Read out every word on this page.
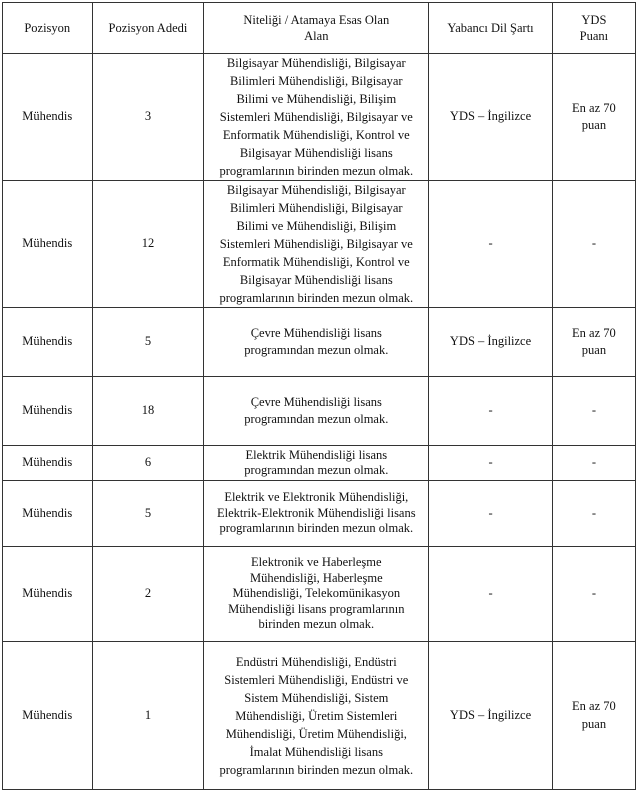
Pozisyon	Pozisyon Adedi	Niteliği / Atamaya Esas Olan Alan	Yabancı Dil Şartı	YDS Puanı
Mühendis	3	Bilgisayar Mühendisliği, Bilgisayar Bilimleri Mühendisliği, Bilgisayar Bilimi ve Mühendisliği, Bilişim Sistemleri Mühendisliği, Bilgisayar ve Enformatik Mühendisliği, Kontrol ve Bilgisayar Mühendisliği lisans programlarının birinden mezun olmak.	YDS – İngilizce	En az 70 puan
Mühendis	12	Bilgisayar Mühendisliği, Bilgisayar Bilimleri Mühendisliği, Bilgisayar Bilimi ve Mühendisliği, Bilişim Sistemleri Mühendisliği, Bilgisayar ve Enformatik Mühendisliği, Kontrol ve Bilgisayar Mühendisliği lisans programlarının birinden mezun olmak.	-	-
Mühendis	5	Çevre Mühendisliği lisans programından mezun olmak.	YDS – İngilizce	En az 70 puan
Mühendis	18	Çevre Mühendisliği lisans programından mezun olmak.	-	-
Mühendis	6	Elektrik Mühendisliği lisans programından mezun olmak.	-	-
Mühendis	5	Elektrik ve Elektronik Mühendisliği, Elektrik-Elektronik Mühendisliği lisans programlarının birinden mezun olmak.	-	-
Mühendis	2	Elektronik ve Haberleşme Mühendisliği, Haberleşme Mühendisliği, Telekomünikasyon Mühendisliği lisans programlarının birinden mezun olmak.	-	-
Mühendis	1	Endüstri Mühendisliği, Endüstri Sistemleri Mühendisliği, Endüstri ve Sistem Mühendisliği, Sistem Mühendisliği, Üretim Sistemleri Mühendisliği, Üretim Mühendisliği, İmalat Mühendisliği lisans programlarının birinden mezun olmak.	YDS – İngilizce	En az 70 puan
